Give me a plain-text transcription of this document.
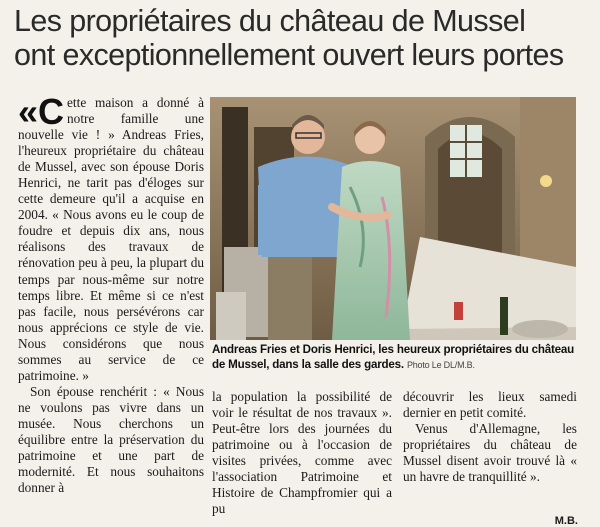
Les propriétaires du château de Mussel
ont exceptionnellement ouvert leurs portes

«Cette maison a donné à notre famille une nouvelle vie ! » Andreas Fries, l'heureux propriétaire du château de Mussel, avec son épouse Doris Henrici, ne tarit pas d'éloges sur cette demeure qu'il a acquise en 2004. « Nous avons eu le coup de foudre et depuis dix ans, nous réalisons des travaux de rénovation peu à peu, la plupart du temps par nous-même sur notre temps libre. Et même si ce n'est pas facile, nous persévérons car nous apprécions ce style de vie. Nous considérons que nous sommes au service de ce patrimoine. »

Son épouse renchérit : « Nous ne voulons pas vivre dans un musée. Nous cherchons un équilibre entre la préservation du patrimoine et une part de modernité. Et nous souhaitons donner à

Andreas Fries et Doris Henrici, les heureux propriétaires du château de Mussel, dans la salle des gardes. Photo Le DL/M.B.

la population la possibilité de voir le résultat de nos travaux ». Peut-être lors des journées du patrimoine ou à l'occasion de visites privées, comme avec l'association Patrimoine et Histoire de Champfromier qui a pu

découvrir les lieux samedi dernier en petit comité.

Venus d'Allemagne, les propriétaires du château de Mussel disent avoir trouvé là « un havre de tranquillité ».

M.B.
